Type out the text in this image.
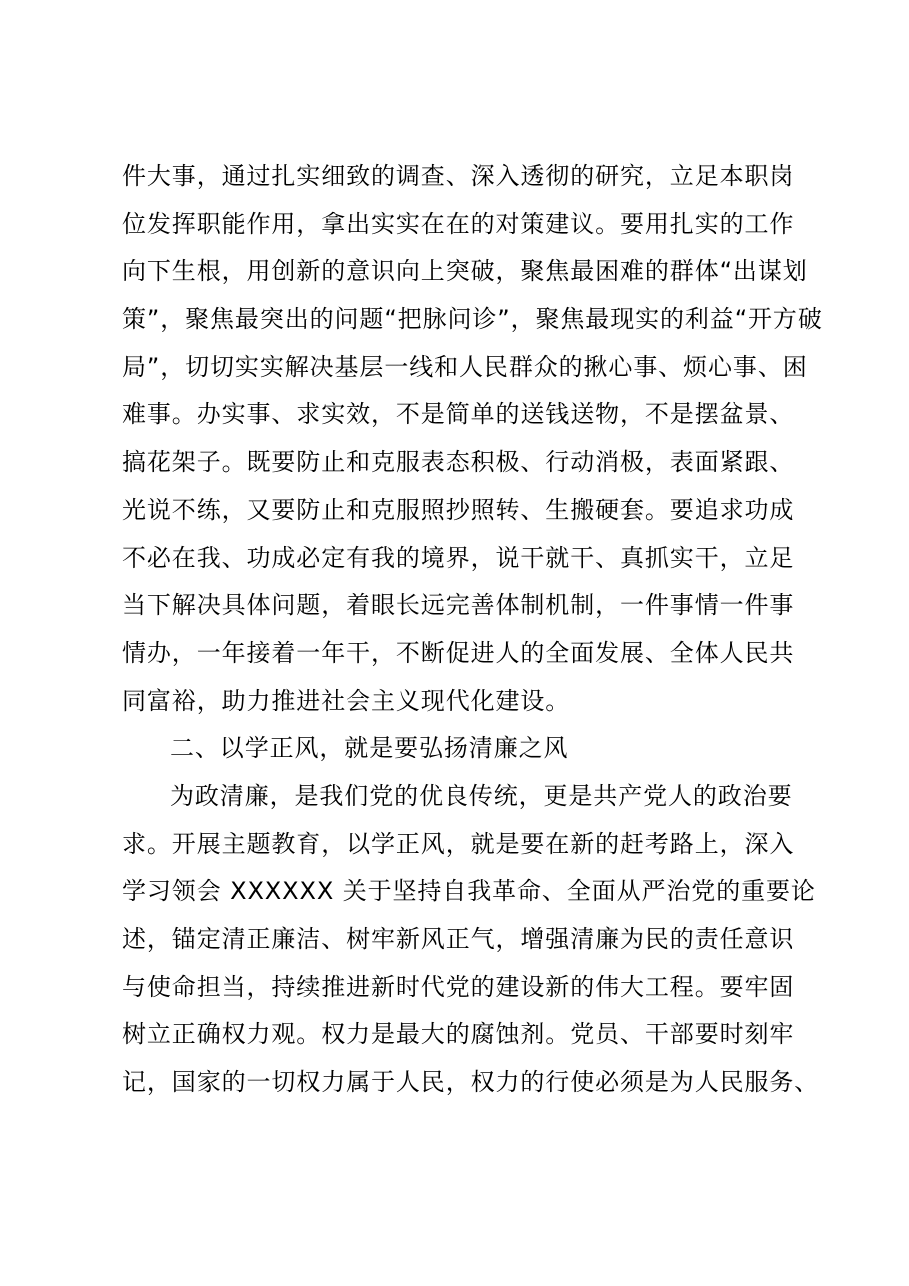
件大事，通过扎实细致的调查、深入透彻的研究，立足本职岗
位发挥职能作用，拿出实实在在的对策建议。要用扎实的工作
向下生根，用创新的意识向上突破，聚焦最困难的群体“出谋划
策”，聚焦最突出的问题“把脉问诊”，聚焦最现实的利益“开方破
局”，切切实实解决基层一线和人民群众的揪心事、烦心事、困
难事。办实事、求实效，不是简单的送钱送物，不是摆盆景、
搞花架子。既要防止和克服表态积极、行动消极，表面紧跟、
光说不练，又要防止和克服照抄照转、生搬硬套。要追求功成
不必在我、功成必定有我的境界，说干就干、真抓实干，立足
当下解决具体问题，着眼长远完善体制机制，一件事情一件事
情办，一年接着一年干，不断促进人的全面发展、全体人民共
同富裕，助力推进社会主义现代化建设。
二、以学正风，就是要弘扬清廉之风
为政清廉，是我们党的优良传统，更是共产党人的政治要
求。开展主题教育，以学正风，就是要在新的赶考路上，深入
学习领会 XXXXXX 关于坚持自我革命、全面从严治党的重要论
述，锚定清正廉洁、树牢新风正气，增强清廉为民的责任意识
与使命担当，持续推进新时代党的建设新的伟大工程。要牢固
树立正确权力观。权力是最大的腐蚀剂。党员、干部要时刻牢
记，国家的一切权力属于人民，权力的行使必须是为人民服务、
